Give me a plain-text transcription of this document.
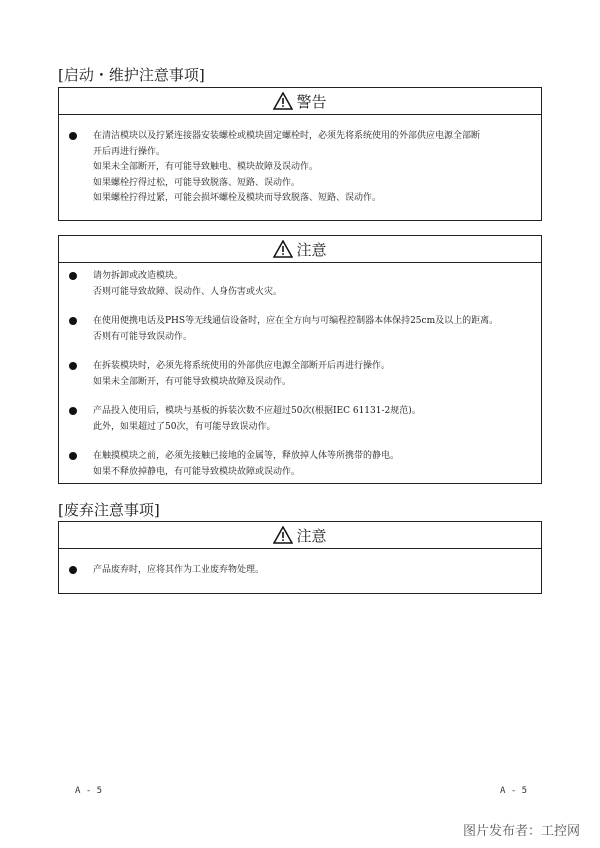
[启动・维护注意事项]
警告
在清洁模块以及拧紧连接器安装螺栓或模块固定螺栓时，必须先将系统使用的外部供应电源全部断
开后再进行操作。
如果未全部断开，有可能导致触电、模块故障及误动作。
如果螺栓拧得过松，可能导致脱落、短路、误动作。
如果螺栓拧得过紧，可能会损坏螺栓及模块而导致脱落、短路、误动作。
注意
请勿拆卸或改造模块。
否则可能导致故障、误动作、人身伤害或火灾。
在使用便携电话及PHS等无线通信设备时，应在全方向与可编程控制器本体保持25cm及以上的距离。
否则有可能导致误动作。
在拆装模块时，必须先将系统使用的外部供应电源全部断开后再进行操作。
如果未全部断开，有可能导致模块故障及误动作。
产品投入使用后，模块与基板的拆装次数不应超过50次(根据IEC 61131-2规范)。
此外，如果超过了50次，有可能导致误动作。
在触摸模块之前，必须先接触已接地的金属等，释放掉人体等所携带的静电。
如果不释放掉静电，有可能导致模块故障或误动作。
[废弃注意事项]
注意
产品废弃时，应将其作为工业废弃物处理。
A - 5	A - 5
图片发布者：工控网
